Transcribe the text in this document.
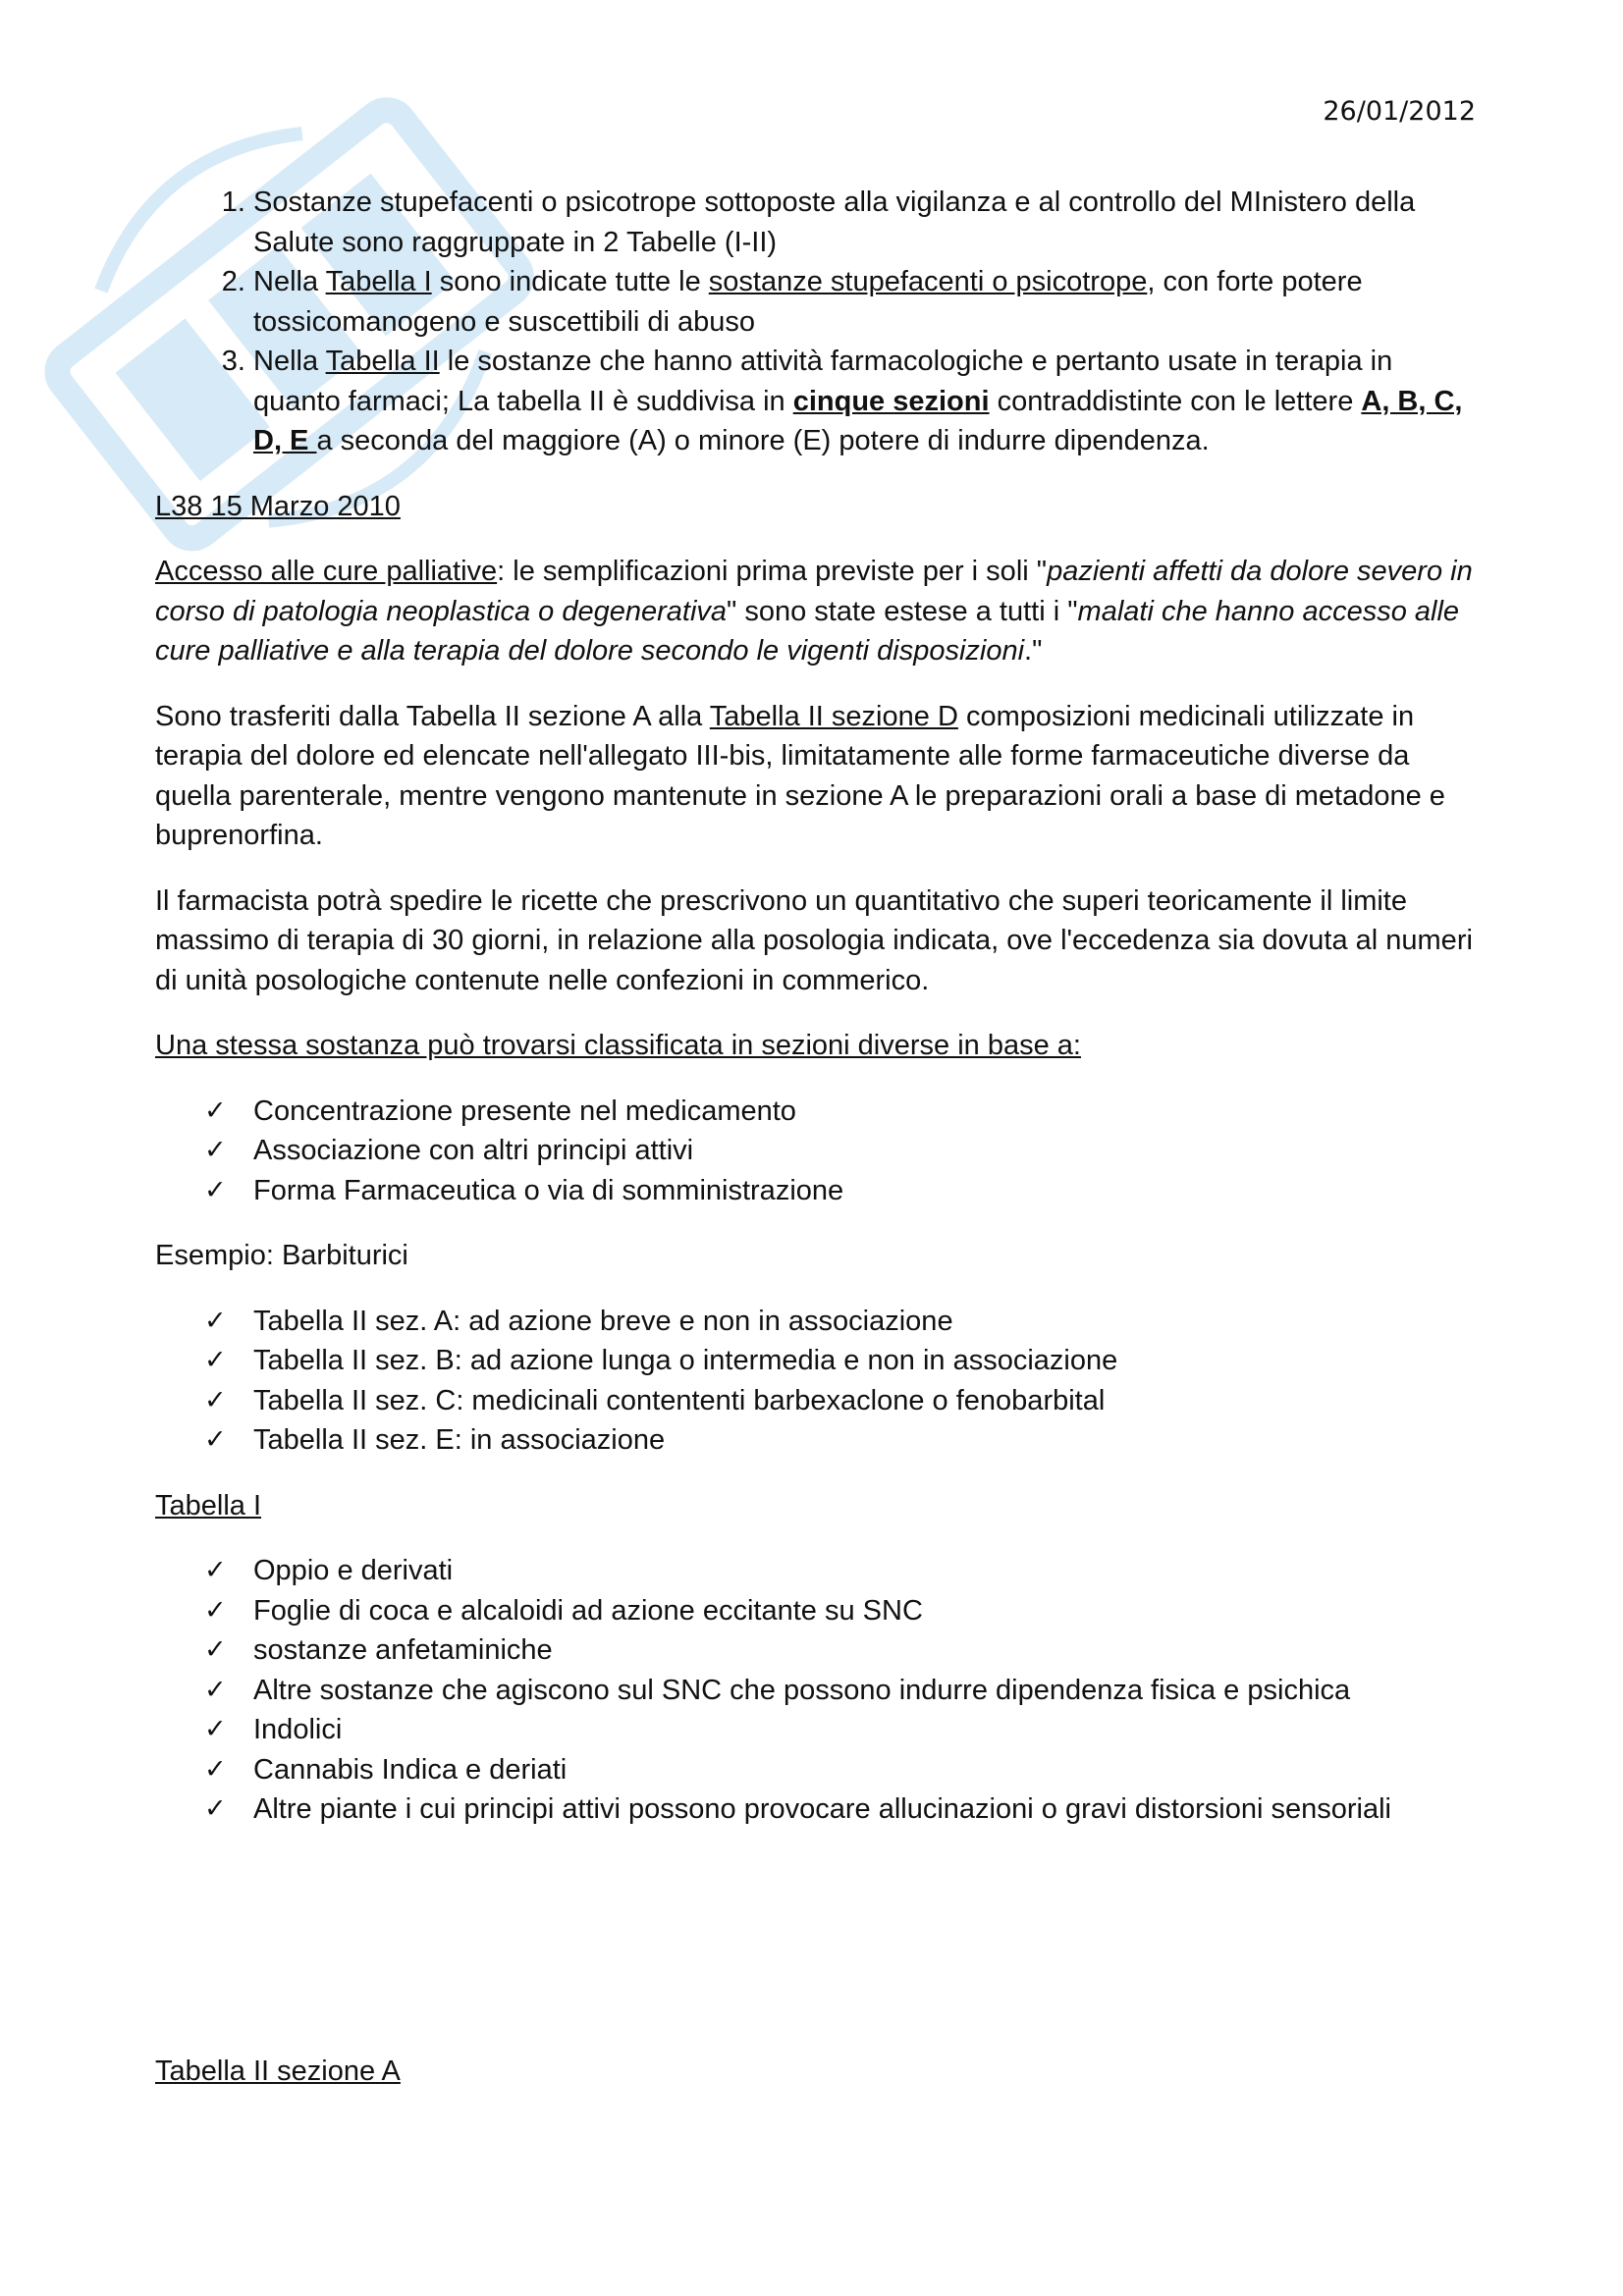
26/01/2012
1. Sostanze stupefacenti o psicotrope sottoposte alla vigilanza e al controllo del MInistero della Salute sono raggruppate in 2 Tabelle (I-II)
2. Nella Tabella I sono indicate tutte le sostanze stupefacenti o psicotrope, con forte potere tossicomanogeno e suscettibili di abuso
3. Nella Tabella II le sostanze che hanno attività farmacologiche e pertanto usate in terapia in quanto farmaci; La tabella II è suddivisa in cinque sezioni contraddistinte con le lettere A, B, C, D, E a seconda del maggiore (A) o minore (E) potere di indurre dipendenza.
L38 15 Marzo 2010
Accesso alle cure palliative: le semplificazioni prima previste per i soli "pazienti affetti da dolore severo in corso di patologia neoplastica o degenerativa" sono state estese a tutti i "malati che hanno accesso alle cure palliative e alla terapia del dolore secondo le vigenti disposizioni."
Sono trasferiti dalla Tabella II sezione A alla Tabella II sezione D composizioni medicinali utilizzate in terapia del dolore ed elencate nell'allegato III-bis, limitatamente alle forme farmaceutiche diverse da quella parenterale, mentre vengono mantenute in sezione A le preparazioni orali a base di metadone e buprenorfina.
Il farmacista potrà spedire le ricette che prescrivono un quantitativo che superi teoricamente il limite massimo di terapia di 30 giorni, in relazione alla posologia indicata, ove l'eccedenza sia dovuta al numeri di unità posologiche contenute nelle confezioni in commerico.
Una stessa sostanza può trovarsi classificata in sezioni diverse in base a:
✓ Concentrazione presente nel medicamento
✓ Associazione con altri principi attivi
✓ Forma Farmaceutica o via di somministrazione
Esempio: Barbiturici
✓ Tabella II sez. A: ad azione breve e non in associazione
✓ Tabella II sez. B: ad azione lunga o intermedia e non in associazione
✓ Tabella II sez. C: medicinali contententi barbexaclone o fenobarbital
✓ Tabella II sez. E: in associazione
Tabella I
✓ Oppio e derivati
✓ Foglie di coca e alcaloidi ad azione eccitante su SNC
✓ sostanze anfetaminiche
✓ Altre sostanze che agiscono sul SNC che possono indurre dipendenza fisica e psichica
✓ Indolici
✓ Cannabis Indica e deriati
✓ Altre piante i cui principi attivi possono provocare allucinazioni o gravi distorsioni sensoriali
Tabella II sezione A
